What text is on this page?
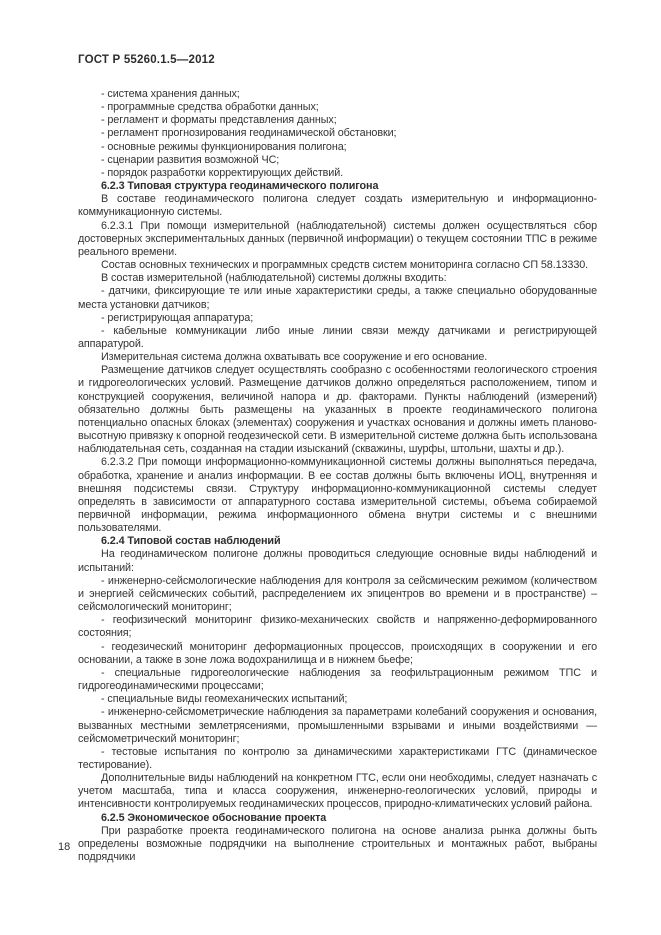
ГОСТ Р 55260.1.5—2012

- система хранения данных;

- программные средства обработки данных;

- регламент и форматы представления данных;

- регламент прогнозирования геодинамической обстановки;

- основные режимы функционирования полигона;

- сценарии развития возможной ЧС;

- порядок разработки корректирующих действий.

6.2.3 Типовая структура геодинамического полигона

В составе геодинамического полигона следует создать измерительную и информационно-коммуникационную системы.

6.2.3.1 При помощи измерительной (наблюдательной) системы должен осуществляться сбор достоверных экспериментальных данных (первичной информации) о текущем состоянии ТПС в режиме реального времени.

Состав основных технических и программных средств систем мониторинга согласно СП 58.13330.

В состав измерительной (наблюдательной) системы должны входить:

- датчики, фиксирующие те или иные характеристики среды, а также специально оборудованные места установки датчиков;

- регистрирующая аппаратура;

- кабельные коммуникации либо иные линии связи между датчиками и регистрирующей аппаратурой.

Измерительная система должна охватывать все сооружение и его основание.

Размещение датчиков следует осуществлять сообразно с особенностями геологического строения и гидрогеологических условий. Размещение датчиков должно определяться расположением, типом и конструкцией сооружения, величиной напора и др. факторами. Пункты наблюдений (измерений) обязательно должны быть размещены на указанных в проекте геодинамического полигона потенциально опасных блоках (элементах) сооружения и участках основания и должны иметь планово-высотную привязку к опорной геодезической сети. В измерительной системе должна быть использована наблюдательная сеть, созданная на стадии изысканий (скважины, шурфы, штольни, шахты и др.).

6.2.3.2 При помощи информационно-коммуникационной системы должны выполняться передача, обработка, хранение и анализ информации. В ее состав должны быть включены ИОЦ, внутренняя и внешняя подсистемы связи. Структуру информационно-коммуникационной системы следует определять в зависимости от аппаратурного состава измерительной системы, объема собираемой первичной информации, режима информационного обмена внутри системы и с внешними пользователями.

6.2.4 Типовой состав наблюдений

На геодинамическом полигоне должны проводиться следующие основные виды наблюдений и испытаний:

- инженерно-сейсмологические наблюдения для контроля за сейсмическим режимом (количеством и энергией сейсмических событий, распределением их эпицентров во времени и в пространстве) – сейсмологический мониторинг;

- геофизический мониторинг физико-механических свойств и напряженно-деформированного состояния;

- геодезический мониторинг деформационных процессов, происходящих в сооружении и его основании, а также в зоне ложа водохранилища и в нижнем бьефе;

- специальные гидрогеологические наблюдения за геофильтрационным режимом ТПС и гидрогеодинамическими процессами;

- специальные виды геомеханических испытаний;

- инженерно-сейсмометрические наблюдения за параметрами колебаний сооружения и основания, вызванных местными землетрясениями, промышленными взрывами и иными воздействиями — сейсмометрический мониторинг;

- тестовые испытания по контролю за динамическими характеристиками ГТС (динамическое тестирование).

Дополнительные виды наблюдений на конкретном ГТС, если они необходимы, следует назначать с учетом масштаба, типа и класса сооружения, инженерно-геологических условий, природы и интенсивности контролируемых геодинамических процессов, природно-климатических условий района.

6.2.5 Экономическое обоснование проекта

При разработке проекта геодинамического полигона на основе анализа рынка должны быть определены возможные подрядчики на выполнение строительных и монтажных работ, выбраны подрядчики

18
